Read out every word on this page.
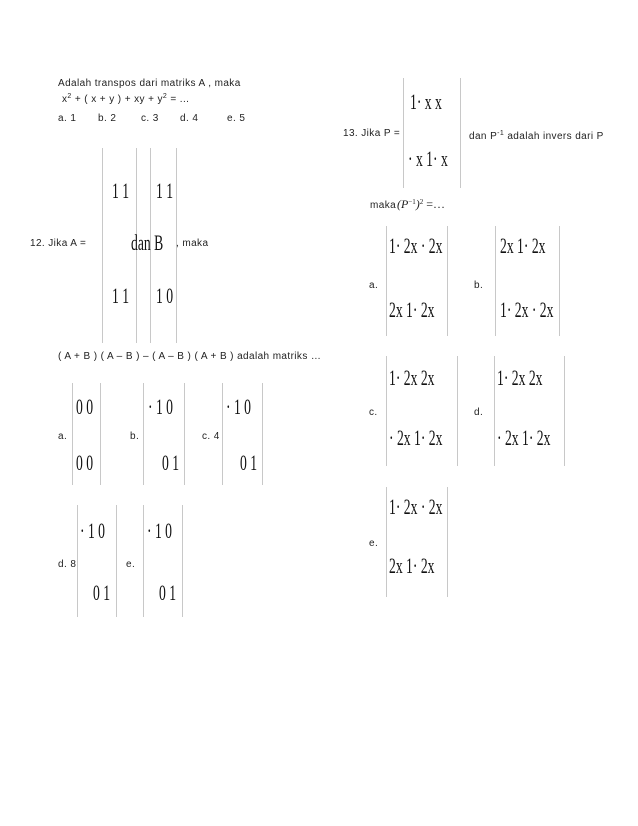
Adalah transpos dari matriks A , maka
$x^2$ + ( x + y ) + xy + $y^2$ = ...
a. 1 b. 2 c. 3 d. 4	e. 5
12. Jika A =
1 1
1 1
dan B
1 1
1 0
, maka
( A + B ) ( A – B ) – ( A – B ) ( A + B ) adalah matriks …
a.
0 0
0 0
b.
· 1 0
0 1
c. 4
· 1 0
0 1
d. 8
· 1 0
0 1
e.
· 1 0
0 1
13. Jika P =
1· x x
· x 1· x
dan $P^{-1}$ adalah invers dari P
maka $(P^{-1})^2$ =…
a.
1· 2x · 2x
2x 1· 2x
b.
2x 1· 2x
1· 2x · 2x
c.
1· 2x 2x
· 2x 1· 2x
d.
1· 2x 2x
· 2x 1· 2x
e.
1· 2x · 2x
2x 1· 2x
